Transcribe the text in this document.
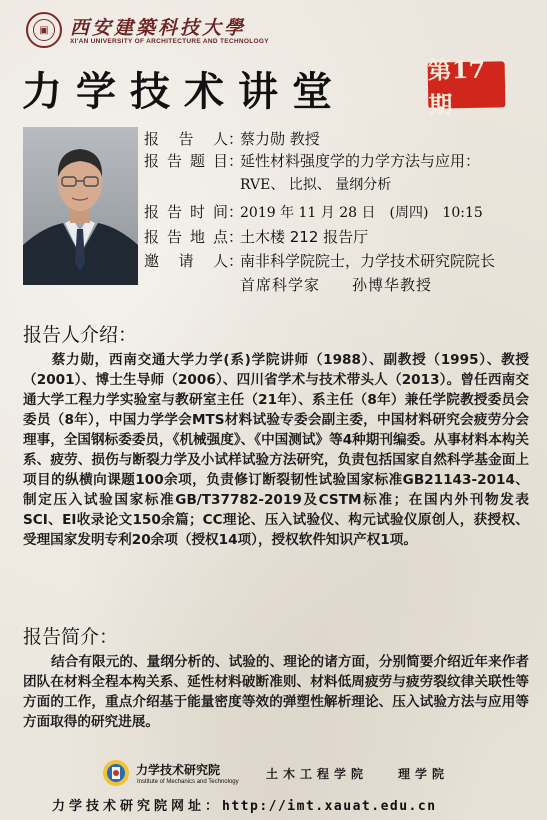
▣	西安建築科技大學
XI'AN UNIVERSITY OF ARCHITECTURE AND TECHNOLOGY
力学技术讲堂	第17期
报告人：蔡力勋 教授
报告题目：延性材料强度学的力学方法与应用：
RVE、 比拟、 量纲分析
报告时间：2019 年 11 月 28 日　(周四)　10:15
报告地点：土木楼 212 报告厅
邀请人：南非科学院院士，力学技术研究院院长
首席科学家　　孙博华教授
报告人介绍：
蔡力勋，西南交通大学力学(系)学院讲师（1988）、副教授（1995）、教授（2001）、博士生导师（2006）、四川省学术与技术带头人（2013）。曾任西南交通大学工程力学实验室与教研室主任（21年）、系主任（8年）兼任学院教授委员会委员（8年），中国力学学会MTS材料试验专委会副主委，中国材料研究会疲劳分会理事，全国钢标委委员，《机械强度》、《中国测试》等4种期刊编委。从事材料本构关系、疲劳、损伤与断裂力学及小试样试验方法研究，负责包括国家自然科学基金面上项目的纵横向课题100余项，负责修订断裂韧性试验国家标准GB21143-2014、制定压入试验国家标准GB/T37782-2019及CSTM标准；在国内外刊物发表SCI、EI收录论文150余篇；CC理论、压入试验仪、构元试验仪原创人，获授权、受理国家发明专利20余项（授权14项），授权软件知识产权1项。
报告简介：
结合有限元的、量纲分析的、试验的、理论的诸方面，分别简要介绍近年来作者团队在材料全程本构关系、延性材料破断准则、材料低周疲劳与疲劳裂纹律关联性等方面的工作，重点介绍基于能量密度等效的弹塑性解析理论、压入试验方法与应用等方面取得的研究进展。
力学技术研究院
Institute of Mechanics and Technology
土木工程学院 理学院
力学技术研究院网址：http://imt.xauat.edu.cn
